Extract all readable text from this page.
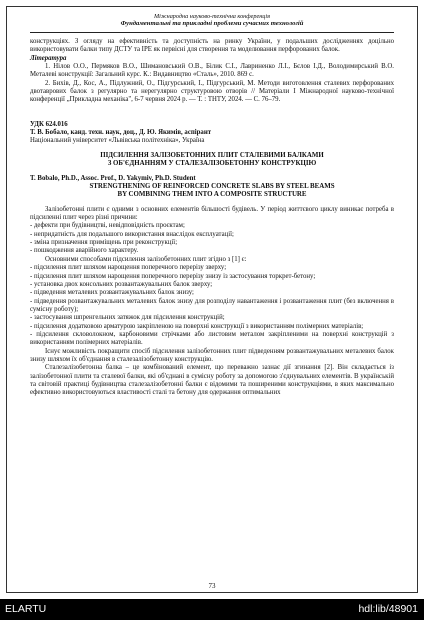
Міжнародна науково-технічна конференція
Фундаментальні та прикладні проблеми сучасних технологій

конструкціях. З огляду на ефективність та доступність на ринку України, у подальших дослідженнях доцільно використовувати балки типу ДСТУ та IPE як первісні для створення та моделювання перфорованих балок.

Література

1. Нілов О.О., Пермяков В.О., Шимановський О.В., Білик С.І., Лавриненко Л.І., Бєлов І.Д., Володимирський В.О. Металеві конструкції: Загальний курс. К.: Видавництво «Сталь», 2010. 869 с.

2. Бихів, Д., Кос, А., Підлужний, О., Підгурський, І., Підгурський, М. Методи виготовлення сталевих перфорованих двотаврових балок з регулярно та нерегулярно структуровою отворів // Матеріали I Міжнародної науково-технічної конференції „Прикладна механіка", 6-7 червня 2024 р. — Т. : ТНТУ, 2024. — С. 76–79.

УДК 624.016

Т. В. Бобало, канд. техн. наук, доц., Д. Ю. Якимів, аспірант

Національний університет «Львівська політехніка», Україна

ПІДСИЛЕННЯ ЗАЛІЗОБЕТОННИХ ПЛИТ СТАЛЕВИМИ БАЛКАМИ
З ОБ'ЄДНАННЯМ У СТАЛЕЗАЛІЗОБЕТОННУ КОНСТРУКЦІЮ

T. Bobalo, Ph.D., Assoc. Prof., D. Yakymiv, Ph.D. Student

STRENGTHENING OF REINFORCED CONCRETE SLABS BY STEEL BEAMS
BY COMBINING THEM INTO A COMPOSITE STRUCTURE

Залізобетонні плити є одними з основних елементів більшості будівель. У період життєвого циклу виникає потреба в підсиленні плит через різні причини:

- дефекти при будівництві, невідповідність проєктам;

- непридатність для подальшого використання внаслідок експлуатації;

- зміна призначення приміщень при реконструкції;

- пошкодження аварійного характеру.

Основними способами підсилення залізобетонних плит згідно з [1] є:

- підсилення плит шляхом нарощення поперечного перерізу зверху;

- підсилення плит шляхом нарощення поперечного перерізу знизу із застосування торкрет-бетону;

- установка двох консольних розвантажувальних балок зверху;

- підведення металевих розвантажувальних балок знизу;

- підведення розвантажувальних металевих балок знизу для розподілу навантаження і розвантаження плит (без включення в сумісну роботу);

- застосування шпренгельних затяжок для підсилення конструкцій;

- підсилення додатковою арматурою закріпленою на поверхні конструкції з використанням полімерних матеріалів;

- підсилення скловолокном, карбоновими стрічками або листовим металом закріпленими на поверхні конструкцій з використанням полімерних матеріалів.

Існує можливість покращити спосіб підсилення залізобетонних плит підведенням розвантажувальних металевих балок знизу шляхом їх об'єднання в сталезалізобетонну конструкцію.

Сталезалізобетонна балка – це комбінований елемент, що переважно зазнає дії згинання [2]. Він складається із залізобетонної плити та сталевої балки, які об'єднані в сумісну роботу за допомогою з'єднувальних елементів. В українській та світовій практиці будівництва сталезалізобетонні балки є відомими та поширеними конструкціями, в яких максимально ефективно використовуються властивості сталі та бетону для одержання оптимальних

73
ELARTU	hdl:lib/48901
